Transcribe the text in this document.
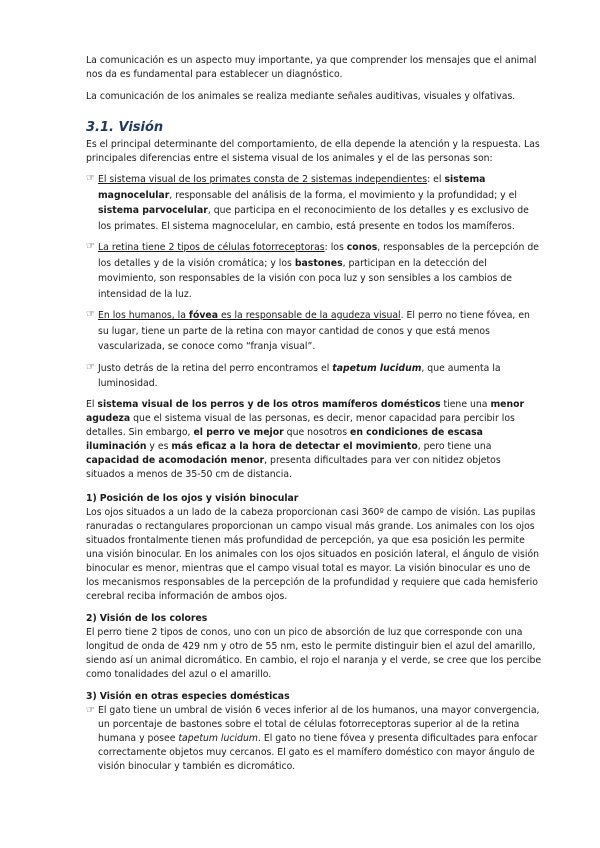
La comunicación es un aspecto muy importante, ya que comprender los mensajes que el animal nos da es fundamental para establecer un diagnóstico.

La comunicación de los animales se realiza mediante señales auditivas, visuales y olfativas.

3.1. Visión

Es el principal determinante del comportamiento, de ella depende la atención y la respuesta. Las principales diferencias entre el sistema visual de los animales y el de las personas son:

☞ El sistema visual de los primates consta de 2 sistemas independientes: el sistema magnocelular, responsable del análisis de la forma, el movimiento y la profundidad; y el sistema parvocelular, que participa en el reconocimiento de los detalles y es exclusivo de los primates. El sistema magnocelular, en cambio, está presente en todos los mamíferos.
☞ La retina tiene 2 tipos de células fotorreceptoras: los conos, responsables de la percepción de los detalles y de la visión cromática; y los bastones, participan en la detección del movimiento, son responsables de la visión con poca luz y son sensibles a los cambios de intensidad de la luz.
☞ En los humanos, la fóvea es la responsable de la agudeza visual. El perro no tiene fóvea, en su lugar, tiene un parte de la retina con mayor cantidad de conos y que está menos vascularizada, se conoce como “franja visual”.
☞ Justo detrás de la retina del perro encontramos el tapetum lucidum, que aumenta la luminosidad.

El sistema visual de los perros y de los otros mamíferos domésticos tiene una menor agudeza que el sistema visual de las personas, es decir, menor capacidad para percibir los detalles. Sin embargo, el perro ve mejor que nosotros en condiciones de escasa iluminación y es más eficaz a la hora de detectar el movimiento, pero tiene una capacidad de acomodación menor, presenta dificultades para ver con nitidez objetos situados a menos de 35-50 cm de distancia.

1) Posición de los ojos y visión binocular

Los ojos situados a un lado de la cabeza proporcionan casi 360º de campo de visión. Las pupilas ranuradas o rectangulares proporcionan un campo visual más grande. Los animales con los ojos situados frontalmente tienen más profundidad de percepción, ya que esa posición les permite una visión binocular. En los animales con los ojos situados en posición lateral, el ángulo de visión binocular es menor, mientras que el campo visual total es mayor. La visión binocular es uno de los mecanismos responsables de la percepción de la profundidad y requiere que cada hemisferio cerebral reciba información de ambos ojos.

2) Visión de los colores

El perro tiene 2 tipos de conos, uno con un pico de absorción de luz que corresponde con una longitud de onda de 429 nm y otro de 55 nm, esto le permite distinguir bien el azul del amarillo, siendo así un animal dicromático. En cambio, el rojo el naranja y el verde, se cree que los percibe como tonalidades del azul o el amarillo.

3) Visión en otras especies domésticas
☞ El gato tiene un umbral de visión 6 veces inferior al de los humanos, una mayor convergencia, un porcentaje de bastones sobre el total de células fotorreceptoras superior al de la retina humana y posee tapetum lucidum. El gato no tiene fóvea y presenta dificultades para enfocar correctamente objetos muy cercanos. El gato es el mamífero doméstico con mayor ángulo de visión binocular y también es dicromático.
